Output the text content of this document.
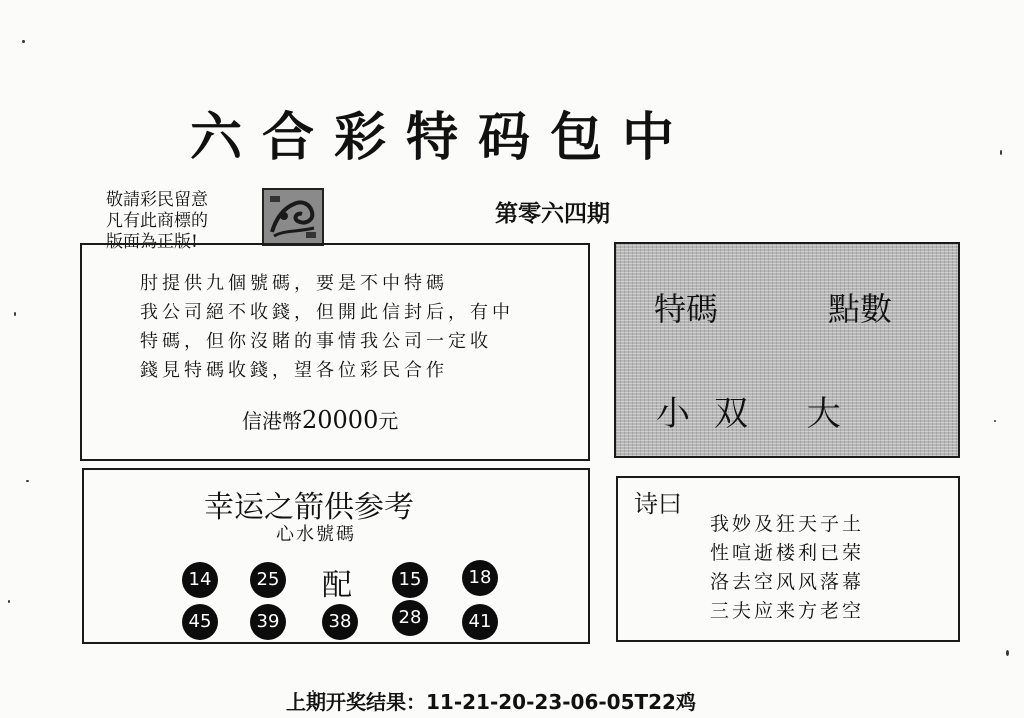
六合彩特码包中
敬請彩民留意
凡有此商標的
版面為正版!
第零六四期
肘提供九個號碼，要是不中特碼
我公司絕不收錢，但開此信封后，有中
特碼，但你沒賭的事情我公司一定收
錢見特碼收錢，望各位彩民合作
信港幣20000元
特碼	點數
小双 大
幸运之箭供参考
心水號碼
14	25 配	15	18
45	39	38	28	41
诗曰
我妙及狂天子土
性喧逝楼利已荣
洛去空风风落幕
三夫应来方老空
上期开奖结果：11-21-20-23-06-05T22鸡
